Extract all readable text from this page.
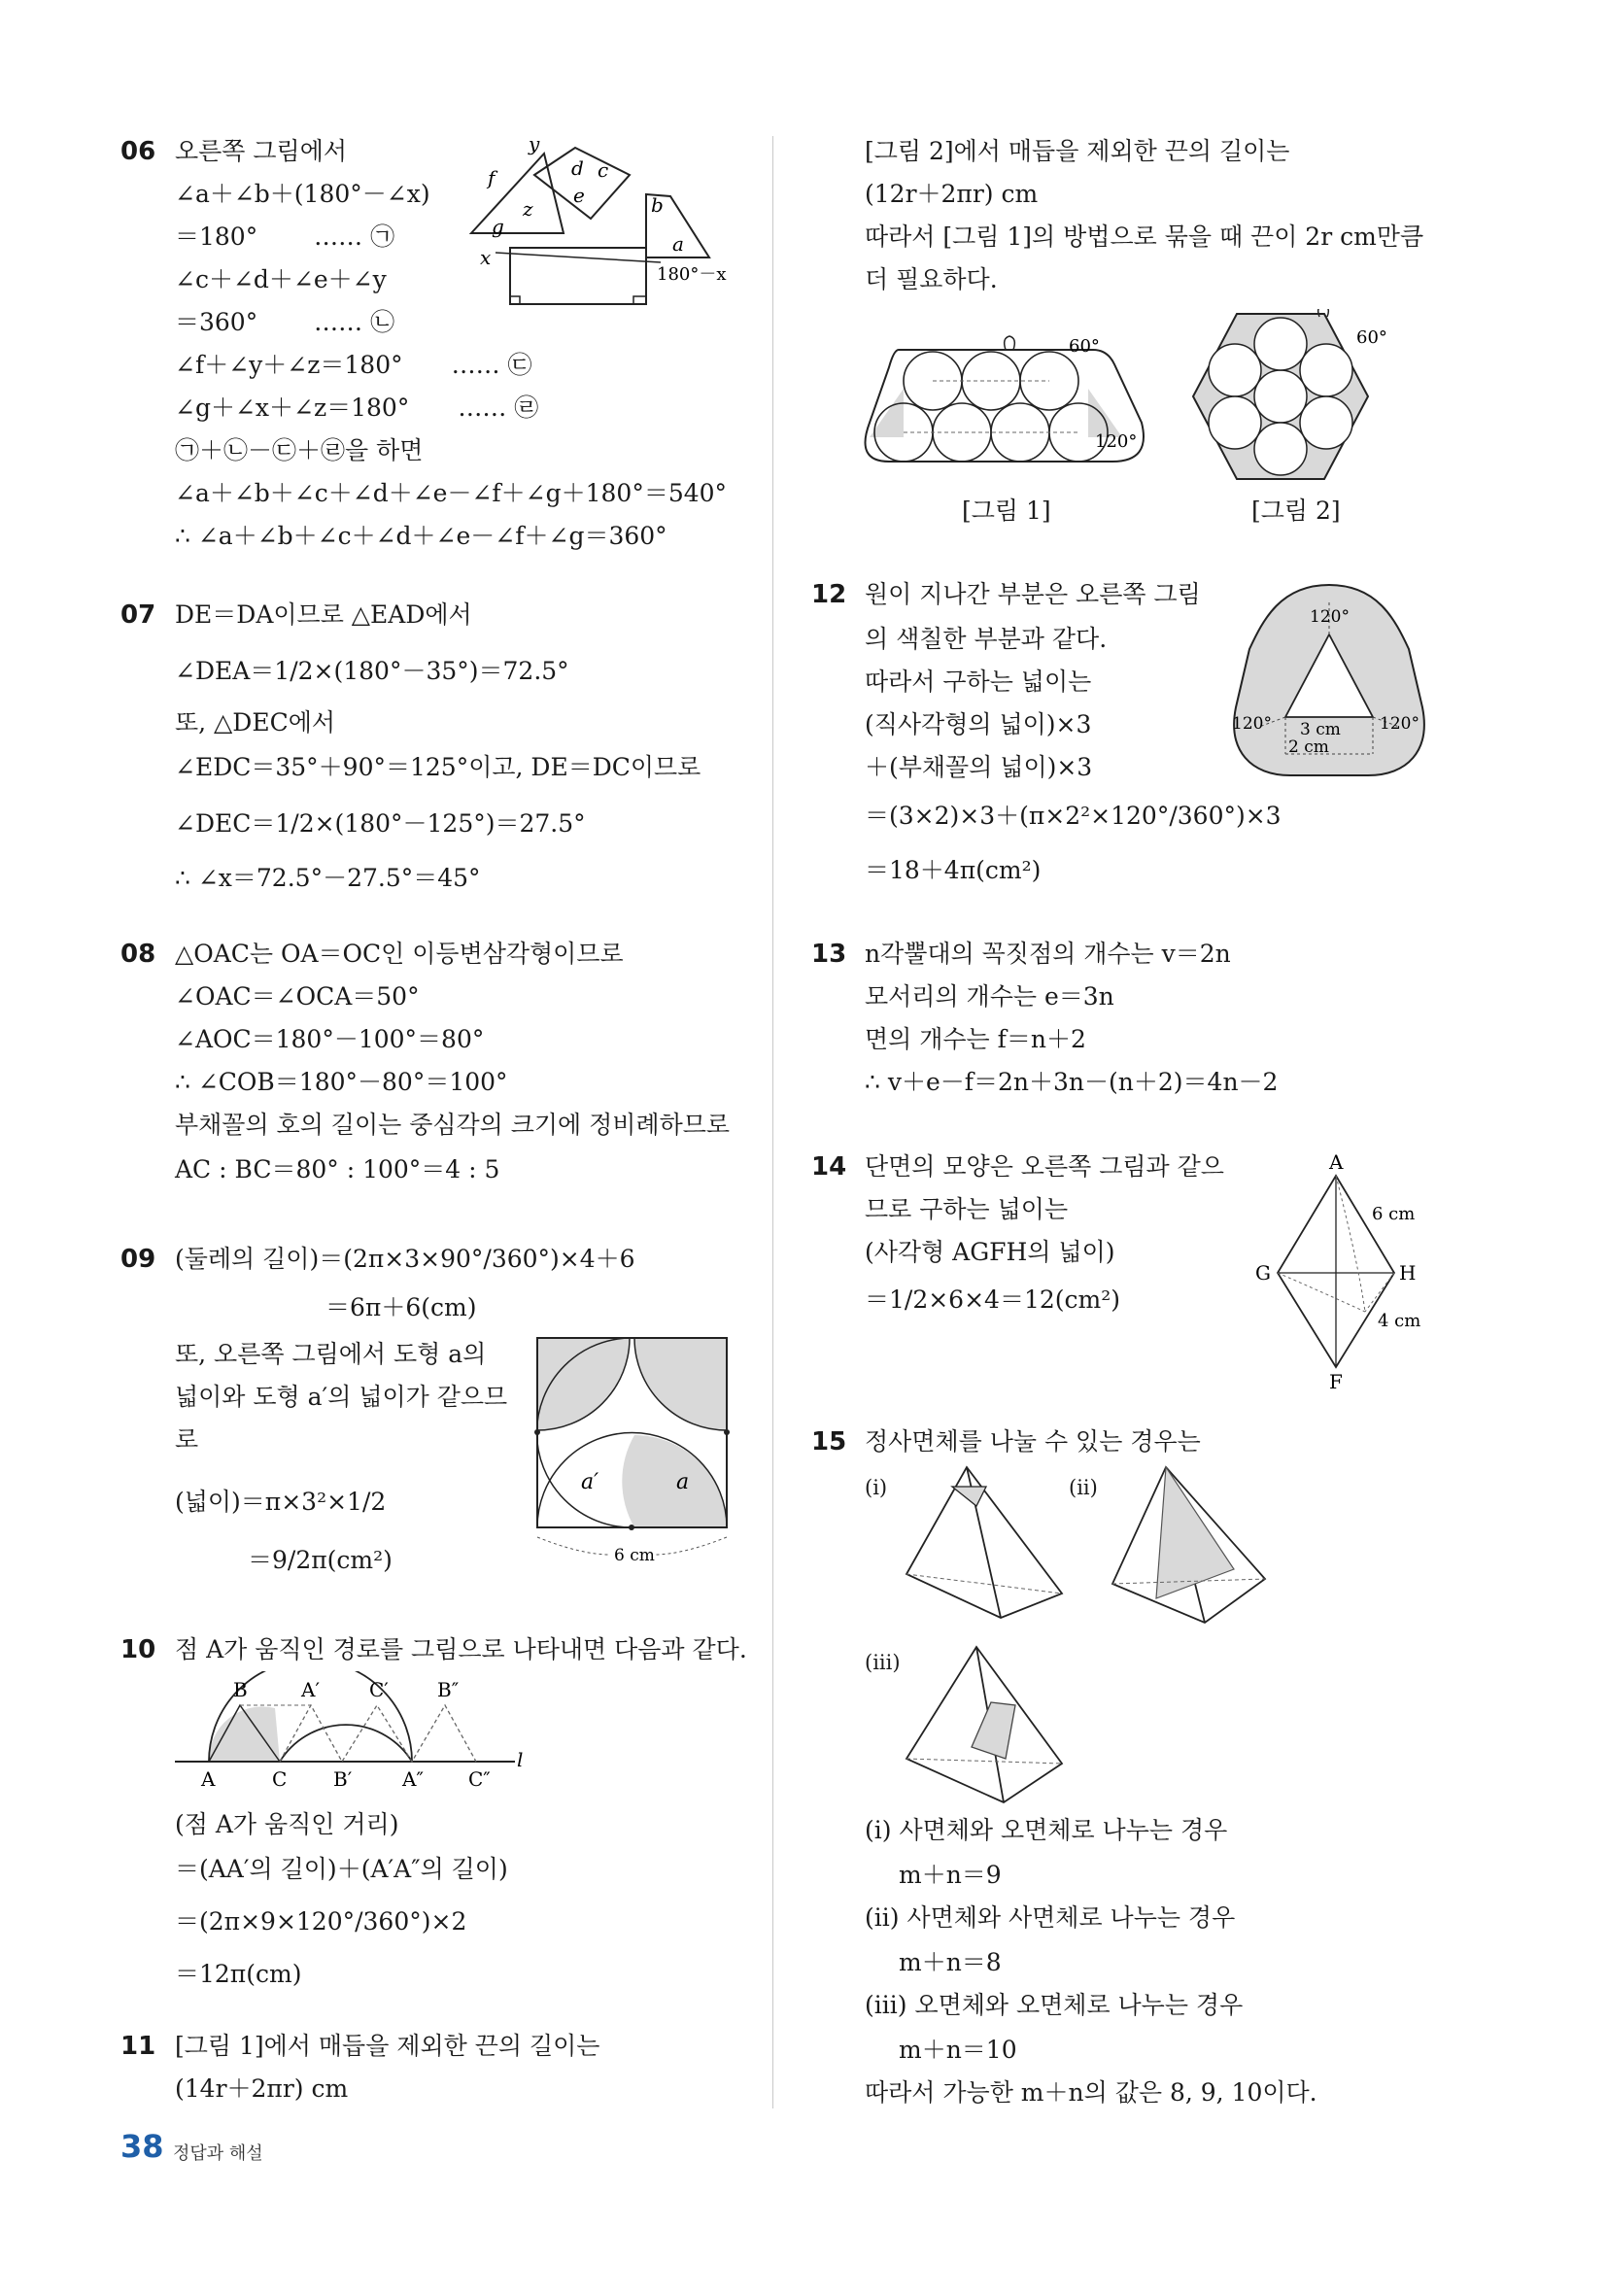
06 오른쪽 그림에서
∠a＋∠b＋(180°－∠x)
＝180°　　 …… ㉠
∠c＋∠d＋∠e＋∠y
＝360°　　 …… ㉡
∠f＋∠y＋∠z＝180°　　…… ㉢
∠g＋∠x＋∠z＝180°　　…… ㉣
㉠＋㉡－㉢＋㉣을 하면
∠a＋∠b＋∠c＋∠d＋∠e－∠f＋∠g＋180°＝540°
∴ ∠a＋∠b＋∠c＋∠d＋∠e－∠f＋∠g＝360°
y
f	d c
e
z
g
x
b
a
180°－x
07 DE＝DA이므로 △EAD에서
∠DEA＝1/2×(180°－35°)＝72.5°
또, △DEC에서
∠EDC＝35°＋90°＝125°이고, DE＝DC이므로
∠DEC＝1/2×(180°－125°)＝27.5°
∴ ∠x＝72.5°－27.5°＝45°
08 △OAC는 OA＝OC인 이등변삼각형이므로
∠OAC＝∠OCA＝50°
∠AOC＝180°－100°＝80°
∴ ∠COB＝180°－80°＝100°
부채꼴의 호의 길이는 중심각의 크기에 정비례하므로
AC : BC＝80° : 100°＝4 : 5
09 (둘레의 길이)＝(2π×3×90°/360°)×4＋6
＝6π＋6(cm)
또, 오른쪽 그림에서 도형 a의
넓이와 도형 a′의 넓이가 같으므
로
(넓이)＝π×3²×1/2
＝9/2π(cm²)
a′	a
6 cm
10 점 A가 움직인 경로를 그림으로 나타내면 다음과 같다.
B	A′	C′	B″
A	C B′	A″ C″
l
(점 A가 움직인 거리)
＝(AA′의 길이)＋(A′A″의 길이)
＝(2π×9×120°/360°)×2
＝12π(cm)
11 [그림 1]에서 매듭을 제외한 끈의 길이는
(14r＋2πr) cm
[그림 2]에서 매듭을 제외한 끈의 길이는
(12r＋2πr) cm
따라서 [그림 1]의 방법으로 묶을 때 끈이 2r cm만큼
더 필요하다.
60°
120°
60°
[그림 1]	[그림 2]
12 원이 지나간 부분은 오른쪽 그림
의 색칠한 부분과 같다.
따라서 구하는 넓이는
(직사각형의 넓이)×3
＋(부채꼴의 넓이)×3
＝(3×2)×3＋(π×2²×120°/360°)×3
＝18＋4π(cm²)
120°
120°	120°
3 cm
2 cm
13 n각뿔대의 꼭짓점의 개수는 v＝2n
모서리의 개수는 e＝3n
면의 개수는 f＝n＋2
∴ v＋e－f＝2n＋3n－(n＋2)＝4n－2
14 단면의 모양은 오른쪽 그림과 같으
므로 구하는 넓이는
(사각형 AGFH의 넓이)
＝1/2×6×4＝12(cm²)
A
G	H
F
6 cm
4 cm
15 정사면체를 나눌 수 있는 경우는
(i)	(ii)
(iii)
(i) 사면체와 오면체로 나누는 경우
m＋n＝9
(ii) 사면체와 사면체로 나누는 경우
m＋n＝8
(iii) 오면체와 오면체로 나누는 경우
m＋n＝10
따라서 가능한 m＋n의 값은 8, 9, 10이다.
38 정답과 해설
